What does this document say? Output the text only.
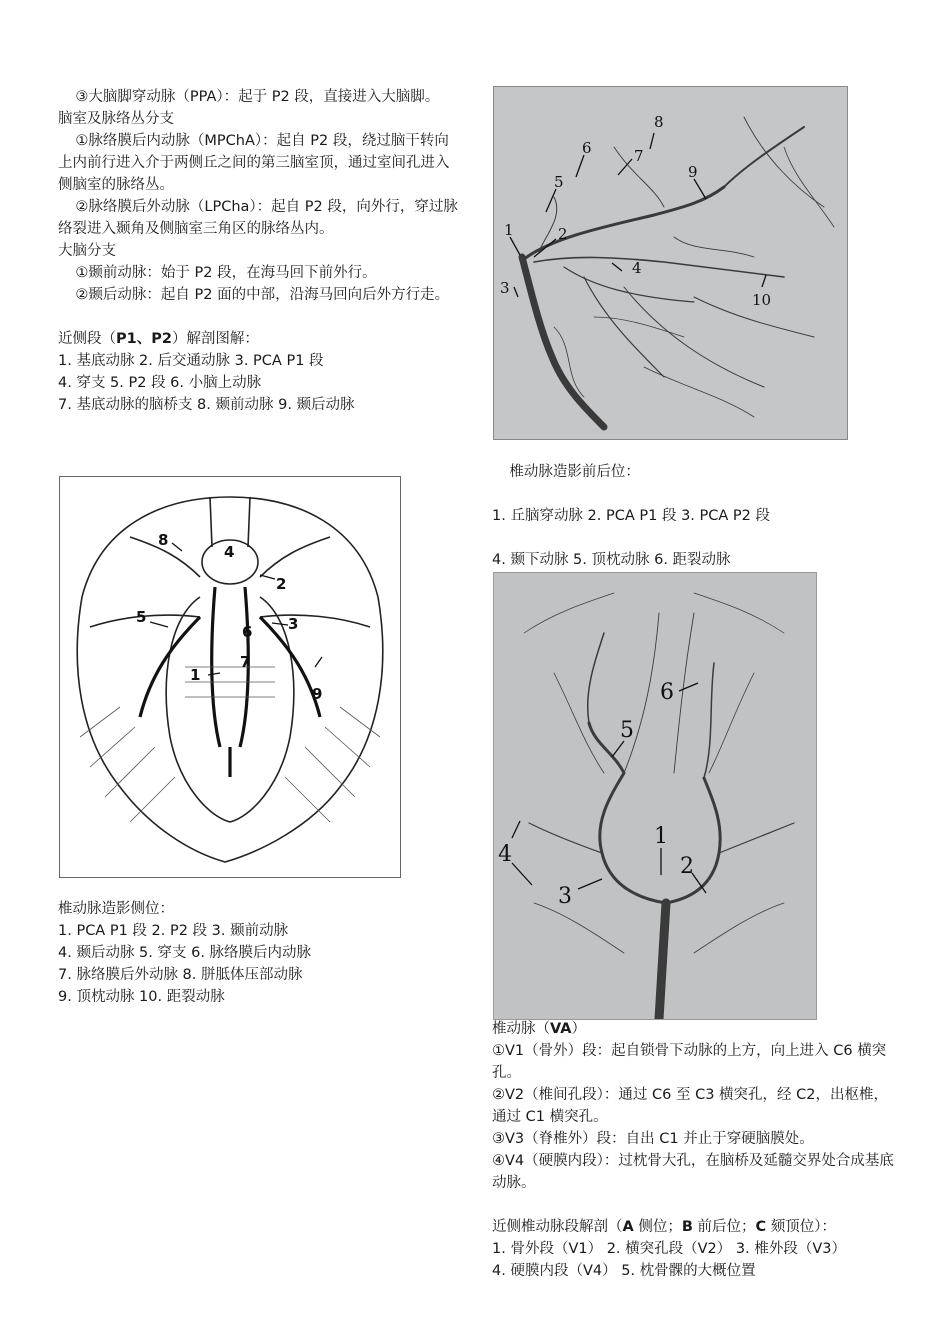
③大脑脚穿动脉（PPA）：起于 P2 段，直接进入大脑脚。

脑室及脉络丛分支

①脉络膜后内动脉（MPChA）：起自 P2 段，绕过脑干转向上内前行进入介于两侧丘之间的第三脑室顶，通过室间孔进入侧脑室的脉络丛。

②脉络膜后外动脉（LPCha）：起自 P2 段，向外行，穿过脉络裂进入颞角及侧脑室三角区的脉络丛内。

大脑分支

①颞前动脉：始于 P2 段，在海马回下前外行。

②颞后动脉：起自 P2 面的中部，沿海马回向后外方行走。

近侧段（P1、P2）解剖图解：

1. 基底动脉 2. 后交通动脉 3. PCA P1 段

4. 穿支 5. P2 段 6. 小脑上动脉

7. 基底动脉的脑桥支 8. 颞前动脉 9. 颞后动脉

1	2
3
4
5
6	7
8
9
10

椎动脉造影前后位：

1. 丘脑穿动脉 2. PCA P1 段 3. PCA P2 段

4. 颞下动脉 5. 顶枕动脉 6. 距裂动脉

1
2
3
4
5
6
7
8
9
1
2
3
4
5
6

椎动脉造影侧位：

1. PCA P1 段 2. P2 段 3. 颞前动脉

4. 颞后动脉 5. 穿支 6. 脉络膜后内动脉

7. 脉络膜后外动脉 8. 胼胝体压部动脉

9. 顶枕动脉 10. 距裂动脉

椎动脉（VA）

①V1（骨外）段：起自锁骨下动脉的上方，向上进入 C6 横突孔。

②V2（椎间孔段）：通过 C6 至 C3 横突孔，经 C2，出枢椎，通过 C1 横突孔。

③V3（脊椎外）段：自出 C1 并止于穿硬脑膜处。

④V4（硬膜内段）：过枕骨大孔，在脑桥及延髓交界处合成基底动脉。

近侧椎动脉段解剖（A 侧位；B 前后位；C 颏顶位）：

1. 骨外段（V1） 2. 横突孔段（V2） 3. 椎外段（V3）

4. 硬膜内段（V4） 5. 枕骨髁的大概位置
